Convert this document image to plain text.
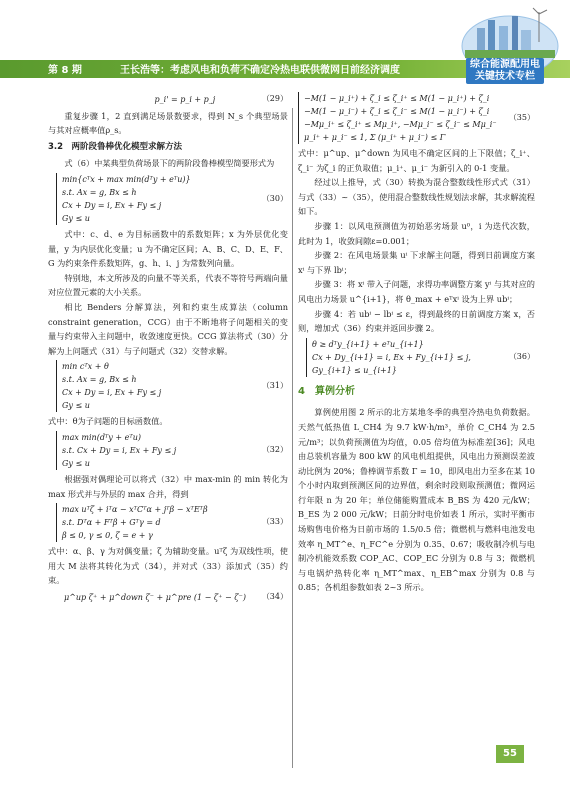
第 8 期	王长浩等：考虑风电和负荷不确定冷热电联供微网日前经济调度
综合能源配用电
关键技术专栏
p_i' = p_i + p_j	（29）

重复步骤 1，2 直到满足场景数要求，得到 N_s 个典型场景与其对应概率值ρ_s。

3.2　两阶段鲁棒优化模型求解方法

式（6）中某典型负荷场景下的两阶段鲁棒模型简要形式为

min{cᵀx + max min(dᵀy + eᵀu)}
s.t. Ax = g, Bx ≤ h
Cx + Dy = i, Ex + Fy ≤ j
Gy ≤ u
（30）

式中：c、d、e 为目标函数中的系数矩阵；x 为外层优化变量，y 为内层优化变量；u 为不确定区间；A、B、C、D、E、F、G 为约束条件系数矩阵，g、h、i、j 为常数列向量。

特别地，本文所涉及的向量不等关系，代表不等符号两端向量对应位置元素的大小关系。

相比 Benders 分解算法，列和约束生成算法（column constraint generation，CCG）由于不断地将子问题相关的变量与约束带入主问题中，收敛速度更快。CCG 算法将式（30）分解为上问题式（31）与子问题式（32）交替求解。

min cᵀx + θ
s.t. Ax = g, Bx ≤ h
Cx + Dy = i, Ex + Fy ≤ j
Gy ≤ u
（31）

式中：θ为子问题的目标函数值。

max min(dᵀy + eᵀu)
s.t. Cx + Dy = i, Ex + Fy ≤ j
Gy ≤ u
（32）

根据强对偶理论可以将式（32）中 max-min 的 min 转化为 max 形式并与外层的 max 合并，得到

max uᵀζ + iᵀα − xᵀCᵀα + jᵀβ − xᵀEᵀβ
s.t. Dᵀα + Fᵀβ + Gᵀγ = d
β ≤ 0, γ ≤ 0, ζ = e + γ
（33）

式中：α、β、γ 为对偶变量；ζ 为辅助变量。uᵀζ 为双线性项，使用大 M 法将其转化为式（34），并对式（33）添加式（35）约束。

μ^up ζ⁺ + μ^down ζ⁻ + μ^pre (1 − ζ⁺ − ζ⁻) （34）
−M(1 − μ_i⁺) + ζ_i ≤ ζ_i⁺ ≤ M(1 − μ_i⁺) + ζ_i
−M(1 − μ_i⁻) + ζ_i ≤ ζ_i⁻ ≤ M(1 − μ_i⁻) + ζ_i
−Mμ_i⁺ ≤ ζ_i⁺ ≤ Mμ_i⁺, −Mμ_i⁻ ≤ ζ_i⁻ ≤ Mμ_i⁻
μ_i⁺ + μ_i⁻ ≤ 1, Σ (μ_i⁺ + μ_i⁻) ≤ Γ
（35）

式中：μ^up、μ^down 为风电不确定区间的上下限值；ζ_i⁺、ζ_i⁻ 为ζ_i 的正负取值；μ_i⁺、μ_i⁻ 为新引入的 0-1 变量。

经过以上推导，式（30）转换为混合整数线性形式式（31）与式（33）~（35），使用混合整数线性规划法求解，其求解流程如下。

步骤 1：以风电预测值为初始恶劣场景 u⁰，i 为迭代次数，此时为 1，收敛间隙ε=0.001；

步骤 2：在风电场景集 uⁱ 下求解主问题，得到日前调度方案 xⁱ 与下界 lbⁱ；

步骤 3：将 xⁱ 带入子问题，求得功率调整方案 yⁱ 与其对应的风电出力场景 u^{i+1}，将 θ_max + eᵀxⁱ 设为上界 ubⁱ；

步骤 4：若 ubⁱ − lbⁱ ≤ ε，得到最终的日前调度方案 x，否则，增加式（36）约束并返回步骤 2。

θ ≥ dᵀy_{i+1} + eᵀu_{i+1}
Cx + Dy_{i+1} = i, Ex + Fy_{i+1} ≤ j, Gy_{i+1} ≤ u_{i+1}
（36）
4　算例分析

算例使用图 2 所示的北方某地冬季的典型冷热电负荷数据。天然气低热值 L_CH4 为 9.7 kW·h/m³，单价 C_CH4 为 2.5 元/m³；以负荷预测值为均值，0.05 倍均值为标准差[36]；风电由总装机容量为 800 kW 的风电机组提供，风电出力预测误差波动比例为 20%；鲁棒调节系数 Γ = 10，即风电出力至多在某 10 个小时内取到预测区间的边界值，剩余时段则取预测值；微网运行年限 n 为 20 年；单位储能购置成本 B_BS 为 420 元/kW；B_ES 为 2 000 元/kW；日前分时电价如表 1 所示，实时平衡市场购售电价格为日前市场的 1.5/0.5 倍；微燃机与燃料电池发电效率 η_MT^e、η_FC^e 分别为 0.35、0.67；吸收制冷机与电制冷机能效系数 COP_AC、COP_EC 分别为 0.8 与 3；微燃机与电锅炉热转化率 η_MT^max、η_EB^max 分别为 0.8 与 0.85；各机组参数如表 2~3 所示。

55
